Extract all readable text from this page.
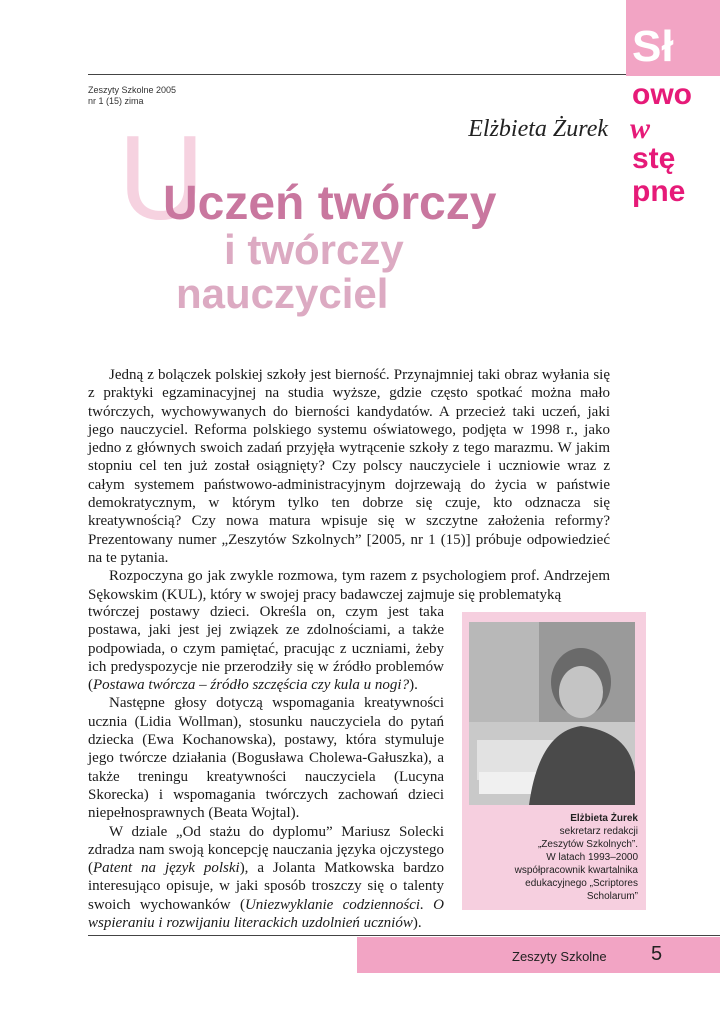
Sł
owo
w
stę
pne
Zeszyty Szkolne 2005
nr 1 (15) zima
Elżbieta Żurek
U
Uczeń twórczy
i twórczy
nauczyciel

Jedną z bolączek polskiej szkoły jest bierność. Przynajmniej taki obraz wyłania się z praktyki egzaminacyjnej na studia wyższe, gdzie często spotkać można mało twórczych, wychowywanych do bierności kandydatów. A przecież taki uczeń, jaki jego nauczyciel. Reforma polskiego systemu oświatowego, podjęta w 1998 r., jako jedno z głównych swoich zadań przyjęła wytrącenie szkoły z tego marazmu. W jakim stopniu cel ten już został osiągnięty? Czy polscy nauczyciele i uczniowie wraz z całym systemem państwowo-administracyjnym dojrzewają do życia w państwie demokratycznym, w którym tylko ten dobrze się czuje, kto odznacza się kreatywnością? Czy nowa matura wpisuje się w szczytne założenia reformy? Prezentowany numer „Zeszytów Szkolnych” [2005, nr 1 (15)] próbuje odpowiedzieć na te pytania.

Rozpoczyna go jak zwykle rozmowa, tym razem z psychologiem prof. Andrzejem Sękowskim (KUL), który w swojej pracy badawczej zajmuje się problematyką

twórczej postawy dzieci. Określa on, czym jest taka postawa, jaki jest jej związek ze zdolnościami, a także podpowiada, o czym pamiętać, pracując z uczniami, żeby ich predyspozycje nie przerodziły się w źródło problemów (Postawa twórcza – źródło szczęścia czy kula u nogi?).

Następne głosy dotyczą wspomagania kreatywności ucznia (Lidia Wollman), stosunku nauczyciela do pytań dziecka (Ewa Kochanowska), postawy, która stymuluje jego twórcze działania (Bogusława Cholewa-Gałuszka), a także treningu kreatywności nauczyciela (Lucyna Skorecka) i wspomagania twórczych zachowań dzieci niepełnosprawnych (Beata Wojtal).

W dziale „Od stażu do dyplomu” Mariusz Solecki zdradza nam swoją koncepcję nauczania języka ojczystego (Patent na język polski), a Jolanta Matkowska bardzo interesująco opisuje, w jaki sposób troszczy się o talenty swoich wychowanków (Uniezwyklanie codzienności. O wspieraniu i rozwijaniu literackich uzdolnień uczniów).

Elżbieta Żurek
sekretarz redakcji
„Zeszytów Szkolnych”.
W latach 1993–2000
współpracownik kwartalnika
edukacyjnego „Scriptores
Scholarum”
Zeszyty Szkolne 5
